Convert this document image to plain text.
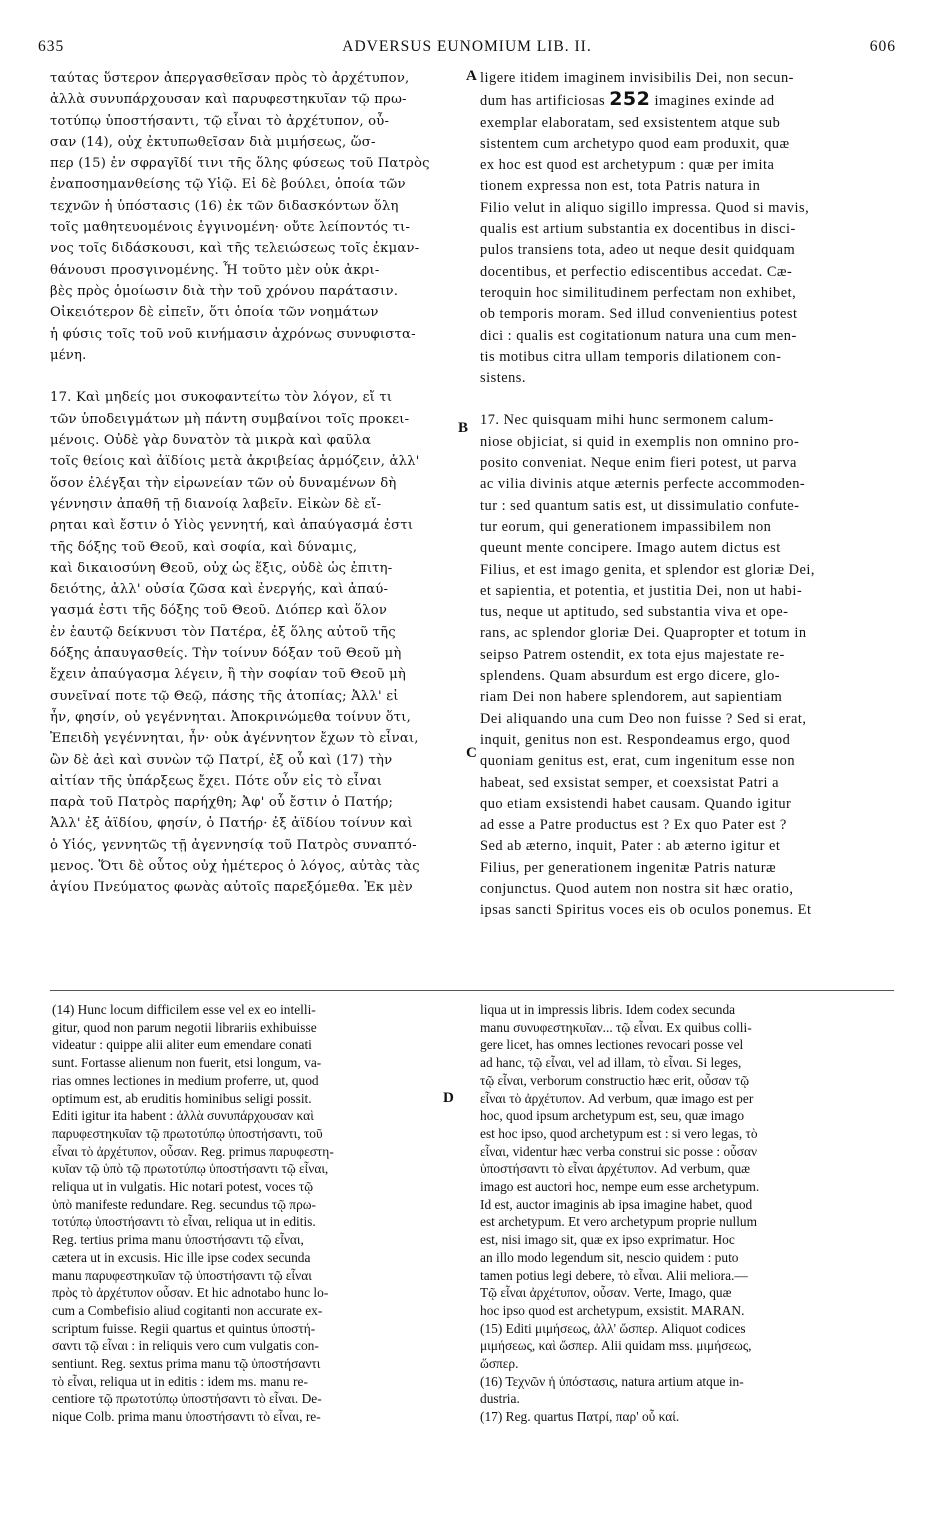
635	ADVERSUS EUNOMIUM LIB. II.	606
ταύτας ὕστερον ἀπεργασθεῖσαν πρὸς τὸ ἀρχέτυπον,
ἀλλὰ συνυπάρχουσαν καὶ παρυφεστηκυῖαν τῷ πρω-
τοτύπῳ ὑποστήσαντι, τῷ εἶναι τὸ ἀρχέτυπον, οὖ-
σαν (14), οὐχ ἐκτυπωθεῖσαν διὰ μιμήσεως, ὥσ-
περ (15) ἐν σφραγῖδί τινι τῆς ὅλης φύσεως τοῦ Πατρὸς
ἐναποσημανθείσης τῷ Υἱῷ. Εἰ δὲ βούλει, ὁποία τῶν
τεχνῶν ἡ ὑπόστασις (16) ἐκ τῶν διδασκόντων ὅλη
τοῖς μαθητευομένοις ἐγγινομένη· οὔτε λείποντός τι-
νος τοῖς διδάσκουσι, καὶ τῆς τελειώσεως τοῖς ἐκμαν-
θάνουσι προσγινομένης. Ἦ τοῦτο μὲν οὐκ ἀκρι-
βὲς πρὸς ὁμοίωσιν διὰ τὴν τοῦ χρόνου παράτασιν.
Οἰκειότερον δὲ εἰπεῖν, ὅτι ὁποία τῶν νοημάτων
ἡ φύσις τοῖς τοῦ νοῦ κινήμασιν ἀχρόνως συνυφιστα-
μένη.

17. Καὶ μηδείς μοι συκοφαντείτω τὸν λόγον, εἴ τι
τῶν ὑποδειγμάτων μὴ πάντη συμβαίνοι τοῖς προκει-
μένοις. Οὐδὲ γὰρ δυνατὸν τὰ μικρὰ καὶ φαῦλα
τοῖς θείοις καὶ ἀϊδίοις μετὰ ἀκριβείας ἁρμόζειν, ἀλλ'
ὅσον ἐλέγξαι τὴν εἰρωνείαν τῶν οὐ δυναμένων δὴ
γέννησιν ἀπαθῆ τῇ διανοίᾳ λαβεῖν. Εἰκὼν δὲ εἴ-
ρηται καὶ ἔστιν ὁ Υἱὸς γεννητή, καὶ ἀπαύγασμά ἐστι
τῆς δόξης τοῦ Θεοῦ, καὶ σοφία, καὶ δύναμις,
καὶ δικαιοσύνη Θεοῦ, οὐχ ὡς ἕξις, οὐδὲ ὡς ἐπιτη-
δειότης, ἀλλ' οὐσία ζῶσα καὶ ἐνεργής, καὶ ἀπαύ-
γασμά ἐστι τῆς δόξης τοῦ Θεοῦ. Διόπερ καὶ ὅλον
ἐν ἑαυτῷ δείκνυσι τὸν Πατέρα, ἐξ ὅλης αὐτοῦ τῆς
δόξης ἀπαυγασθείς. Τὴν τοίνυν δόξαν τοῦ Θεοῦ μὴ
ἔχειν ἀπαύγασμα λέγειν, ἢ τὴν σοφίαν τοῦ Θεοῦ μὴ
συνεῖναί ποτε τῷ Θεῷ, πάσης τῆς ἀτοπίας; Ἀλλ' εἰ
ἦν, φησίν, οὐ γεγέννηται. Ἀποκρινώμεθα τοίνυν ὅτι,
Ἐπειδὴ γεγέννηται, ἦν· οὐκ ἀγέννητον ἔχων τὸ εἶναι,
ὢν δὲ ἀεὶ καὶ συνὼν τῷ Πατρί, ἐξ οὗ καὶ (17) τὴν
αἰτίαν τῆς ὑπάρξεως ἔχει. Πότε οὖν εἰς τὸ εἶναι
παρὰ τοῦ Πατρὸς παρήχθη; Ἀφ' οὗ ἔστιν ὁ Πατήρ;
Ἀλλ' ἐξ ἀϊδίου, φησίν, ὁ Πατήρ· ἐξ ἀϊδίου τοίνυν καὶ
ὁ Υἱός, γεννητῶς τῇ ἀγεννησίᾳ τοῦ Πατρὸς συναπτό-
μενος. Ὅτι δὲ οὗτος οὐχ ἡμέτερος ὁ λόγος, αὐτὰς τὰς
ἁγίου Πνεύματος φωνὰς αὐτοῖς παρεξόμεθα. Ἐκ μὲν
ligere itidem imaginem invisibilis Dei, non secun-
dum has artificiosas 252 imagines exinde ad
exemplar elaboratam, sed exsistentem atque sub
sistentem cum archetypo quod eam produxit, quæ
ex hoc est quod est archetypum : quæ per imita
tionem expressa non est, tota Patris natura in
Filio velut in aliquo sigillo impressa. Quod si mavis,
qualis est artium substantia ex docentibus in disci-
pulos transiens tota, adeo ut neque desit quidquam
docentibus, et perfectio ediscentibus accedat. Cæ-
teroquin hoc similitudinem perfectam non exhibet,
ob temporis moram. Sed illud convenientius potest
dici : qualis est cogitationum natura una cum men-
tis motibus citra ullam temporis dilationem con-
sistens.
17. Nec quisquam mihi hunc sermonem calum-
niose objiciat, si quid in exemplis non omnino pro-
posito conveniat. Neque enim fieri potest, ut parva
ac vilia divinis atque æternis perfecte accommoden-
tur : sed quantum satis est, ut dissimulatio confute-
tur eorum, qui generationem impassibilem non
queunt mente concipere. Imago autem dictus est
Filius, et est imago genita, et splendor est gloriæ Dei,
et sapientia, et potentia, et justitia Dei, non ut habi-
tus, neque ut aptitudo, sed substantia viva et ope-
rans, ac splendor gloriæ Dei. Quapropter et totum in
seipso Patrem ostendit, ex tota ejus majestate re-
splendens. Quam absurdum est ergo dicere, glo-
riam Dei non habere splendorem, aut sapientiam
Dei aliquando una cum Deo non fuisse ? Sed si erat,
inquit, genitus non est. Respondeamus ergo, quod
quoniam genitus est, erat, cum ingenitum esse non
habeat, sed exsistat semper, et coexsistat Patri a
quo etiam exsistendi habet causam. Quando igitur
ad esse a Patre productus est ? Ex quo Pater est ?
Sed ab æterno, inquit, Pater : ab æterno igitur et
Filius, per generationem ingenitæ Patris naturæ
conjunctus. Quod autem non nostra sit hæc oratio,
ipsas sancti Spiritus voces eis ob oculos ponemus. Et
A
B
C
D
(14) Hunc locum difficilem esse vel ex eo intelli-
gitur, quod non parum negotii librariis exhibuisse
videatur : quippe alii aliter eum emendare conati
sunt. Fortasse alienum non fuerit, etsi longum, va-
rias omnes lectiones in medium proferre, ut, quod
optimum est, ab eruditis hominibus seligi possit.
Editi igitur ita habent : ἀλλὰ συνυπάρχουσαν καὶ
παρυφεστηκυῖαν τῷ πρωτοτύπῳ ὑποστήσαντι, τοῦ
εἶναι τὸ ἀρχέτυπον, οὖσαν. Reg. primus παρυφεστη-
κυῖαν τῷ ὑπὸ τῷ πρωτοτύπῳ ὑποστήσαντι τῷ εἶναι,
reliqua ut in vulgatis. Hic notari potest, voces τῷ
ὑπὸ manifeste redundare. Reg. secundus τῷ πρω-
τοτύπῳ ὑποστήσαντι τὸ εἶναι, reliqua ut in editis.
Reg. tertius prima manu ὑποστήσαντι τῷ εἶναι,
cætera ut in excusis. Hic ille ipse codex secunda
manu παρυφεστηκυῖαν τῷ ὑποστήσαντι τῷ εἶναι
πρὸς τὸ ἀρχέτυπον οὖσαν. Et hic adnotabo hunc lo-
cum a Combefisio aliud cogitanti non accurate ex-
scriptum fuisse. Regii quartus et quintus ὑποστή-
σαντι τῷ εἶναι : in reliquis vero cum vulgatis con-
sentiunt. Reg. sextus prima manu τῷ ὑποστήσαντι
τὸ εἶναι, reliqua ut in editis : idem ms. manu re-
centiore τῷ πρωτοτύπῳ ὑποστήσαντι τὸ εἶναι. De-
nique Colb. prima manu ὑποστήσαντι τὸ εἶναι, re-
liqua ut in impressis libris. Idem codex secunda
manu συνυφεστηκυῖαν... τῷ εἶναι. Ex quibus colli-
gere licet, has omnes lectiones revocari posse vel
ad hanc, τῷ εἶναι, vel ad illam, τὸ εἶναι. Si leges,
τῷ εἶναι, verborum constructio hæc erit, οὖσαν τῷ
εἶναι τὸ ἀρχέτυπον. Ad verbum, quæ imago est per
hoc, quod ipsum archetypum est, seu, quæ imago
est hoc ipso, quod archetypum est : si vero legas, τὸ
εἶναι, videntur hæc verba construi sic posse : οὖσαν
ὑποστήσαντι τὸ εἶναι ἀρχέτυπον. Ad verbum, quæ
imago est auctori hoc, nempe eum esse archetypum.
Id est, auctor imaginis ab ipsa imagine habet, quod
est archetypum. Et vero archetypum proprie nullum
est, nisi imago sit, quæ ex ipso exprimatur. Hoc
an illo modo legendum sit, nescio quidem : puto
tamen potius legi debere, τὸ εἶναι. Alii meliora.—
Τῷ εἶναι ἀρχέτυπον, οὖσαν. Verte, Imago, quæ
hoc ipso quod est archetypum, exsistit. MARAN.
(15) Editi μιμήσεως, ἀλλ' ὥσπερ. Aliquot codices
μιμήσεως, καὶ ὥσπερ. Alii quidam mss. μιμήσεως,
ὥσπερ.
(16) Τεχνῶν ἡ ὑπόστασις, natura artium atque in-
dustria.
(17) Reg. quartus Πατρί, παρ' οὗ καί.
